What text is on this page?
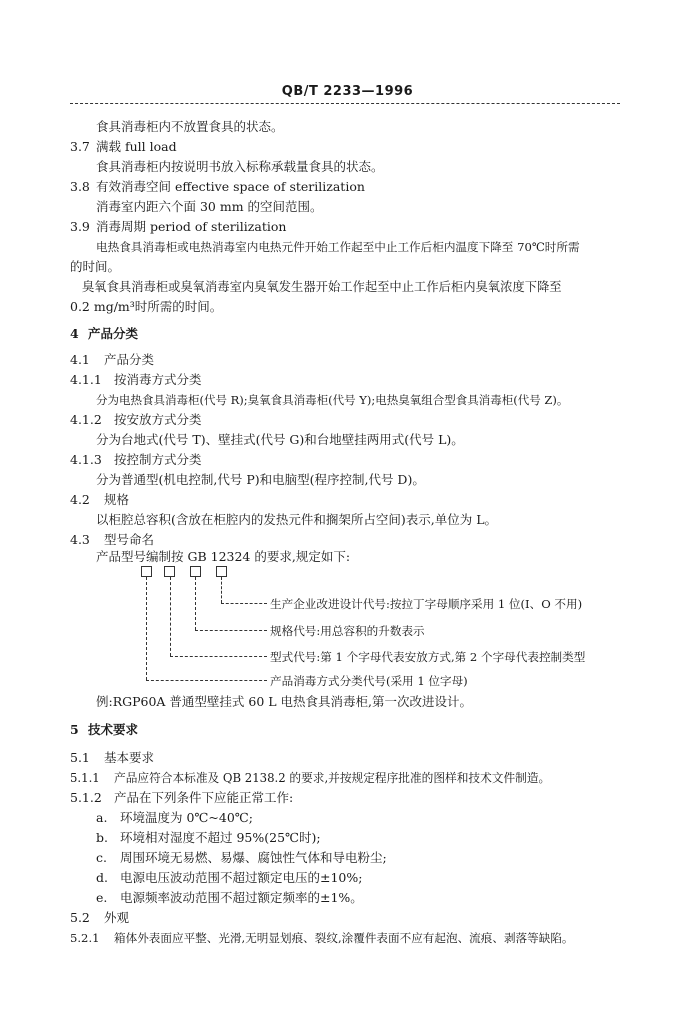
QB/T 2233—1996
食具消毒柜内不放置食具的状态。
3.7 满载 full load
食具消毒柜内按说明书放入标称承载量食具的状态。
3.8 有效消毒空间 effective space of sterilization
消毒室内距六个面 30 mm 的空间范围。
3.9 消毒周期 period of sterilization
电热食具消毒柜或电热消毒室内电热元件开始工作起至中止工作后柜内温度下降至 70℃时所需
的时间。
臭氧食具消毒柜或臭氧消毒室内臭氧发生器开始工作起至中止工作后柜内臭氧浓度下降至
0.2 mg/m³时所需的时间。
4 产品分类
4.1 产品分类
4.1.1 按消毒方式分类
分为电热食具消毒柜(代号 R);臭氧食具消毒柜(代号 Y);电热臭氧组合型食具消毒柜(代号 Z)。
4.1.2 按安放方式分类
分为台地式(代号 T)、壁挂式(代号 G)和台地壁挂两用式(代号 L)。
4.1.3 按控制方式分类
分为普通型(机电控制,代号 P)和电脑型(程序控制,代号 D)。
4.2 规格
以柜腔总容积(含放在柜腔内的发热元件和搁架所占空间)表示,单位为 L。
4.3 型号命名
产品型号编制按 GB 12324 的要求,规定如下:
生产企业改进设计代号:按拉丁字母顺序采用 1 位(I、O 不用)
规格代号:用总容积的升数表示
型式代号:第 1 个字母代表安放方式,第 2 个字母代表控制类型
产品消毒方式分类代号(采用 1 位字母)
例:RGP60A 普通型壁挂式 60 L 电热食具消毒柜,第一次改进设计。
5 技术要求
5.1 基本要求
5.1.1 产品应符合本标准及 QB 2138.2 的要求,并按规定程序批准的图样和技术文件制造。
5.1.2 产品在下列条件下应能正常工作:
a. 环境温度为 0℃~40℃;
b. 环境相对湿度不超过 95%(25℃时);
c. 周围环境无易燃、易爆、腐蚀性气体和导电粉尘;
d. 电源电压波动范围不超过额定电压的±10%;
e. 电源频率波动范围不超过额定频率的±1%。
5.2 外观
5.2.1 箱体外表面应平整、光滑,无明显划痕、裂纹,涂覆件表面不应有起泡、流痕、剥落等缺陷。
